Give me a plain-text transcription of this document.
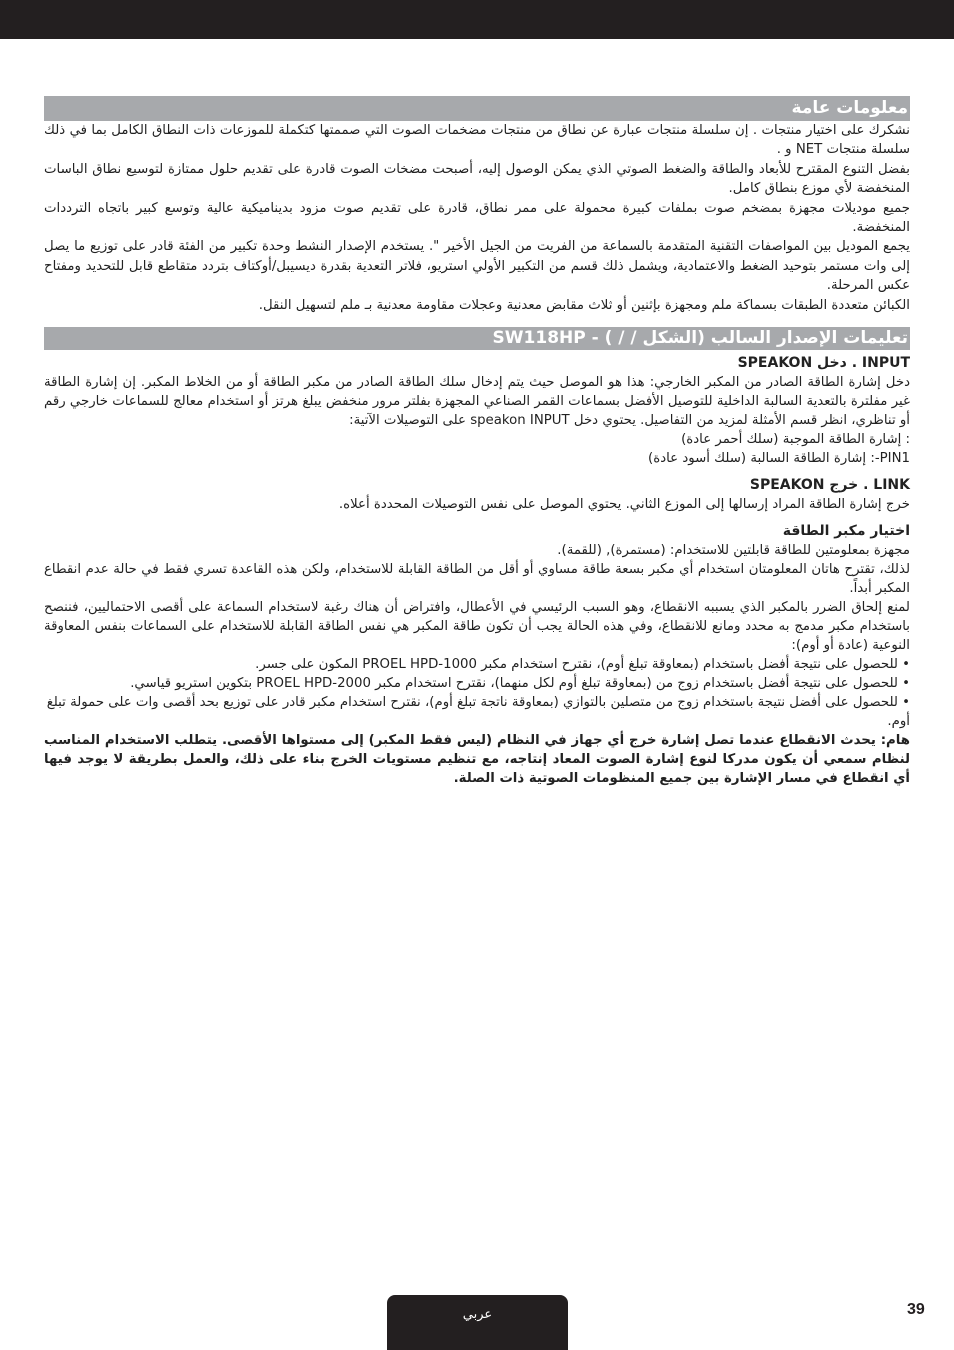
معلومات عامة

نشكرك على اختيار منتجات . إن سلسلة منتجات عبارة عن نطاق من منتجات مضخمات الصوت التي صممتها كتكملة للموزعات ذات النطاق الكامل بما في ذلك سلسلة منتجات NET و .

بفضل التنوع المقترح للأبعاد والطاقة والضغط الصوتي الذي يمكن الوصول إليه، أصبحت مضخات الصوت قادرة على تقديم حلول ممتازة لتوسيع نطاق الباسات المنخفضة لأي موزع بنطاق كامل.

جميع موديلات مجهزة بمضخم صوت بملفات كبيرة محمولة على ممر نطاق، قادرة على تقديم صوت مزود بديناميكية عالية وتوسع كبير باتجاه الترددات المنخفضة.

يجمع الموديل بين المواصفات التقنية المتقدمة بالسماعة من الفريت من الجيل الأخير ". يستخدم الإصدار النشط وحدة تكبير من الفئة قادر على توزيع ما يصل إلى وات مستمر بتوحيد الضغط والاعتمادية، ويشمل ذلك قسم من التكبير الأولي استريو، فلاتر التعدية بقدرة ديسيبل/أوكتاف بتردد متقاطع قابل للتحديد ومفتاح عكس المرحلة.

الكبائن متعددة الطبقات بسماكة ملم ومجهزة بإثنين أو ثلاث مقابض معدنية وعجلات مقاومة معدنية بـ ملم لتسهيل النقل.

تعليمات الإصدار السالب (الشكل / / ) - SW118HP

INPUT . دخل SPEAKON

دخل إشارة الطاقة الصادر من المكبر الخارجي: هذا هو الموصل حيث يتم إدخال سلك الطاقة الصادر من مكبر الطاقة أو من الخلاط المكبر. إن إشارة الطاقة غير مفلترة بالتعدية السالبة الداخلية للتوصيل الأفضل بسماعات القمر الصناعي المجهزة بفلتر مرور منخفض يبلغ هرتز أو استخدام معالج للسماعات خارجي رقم أو تناظري، انظر قسم الأمثلة لمزيد من التفاصيل. يحتوي دخل speakon INPUT على التوصيلات الآتية:

: إشارة الطاقة الموجبة (سلك أحمر عادة)

PIN1-: إشارة الطاقة السالبة (سلك أسود عادة)

LINK . خرج SPEAKON

خرج إشارة الطاقة المراد إرسالها إلى الموزع الثاني. يحتوي الموصل على نفس التوصيلات المحددة أعلاه.

اختيار مكبر الطاقة

مجهزة بمعلومتين للطاقة قابلتين للاستخدام: (مستمرة), (للقمة).

لذلك، تقترح هاتان المعلومتان استخدام أي مكبر بسعة طاقة مساوي أو أقل من الطاقة القابلة للاستخدام، ولكن هذه القاعدة تسري فقط في حالة عدم انقطاع المكبر أبداً.

لمنع إلحاق الضرر بالمكبر الذي يسببه الانقطاع، وهو السبب الرئيسي في الأعطال، وافتراض أن هناك رغبة لاستخدام السماعة على أقصى الاحتماليين، فننصح باستخدام مكبر مدمج به محدد ومانع للانقطاع، وفي هذه الحالة يجب أن تكون طاقة المكبر هي نفس الطاقة القابلة للاستخدام على السماعات بنفس المعاوقة النوعية (عادة أو أوم):

• للحصول على نتيجة أفضل باستخدام (بمعاوقة تبلغ أوم)، نقترح استخدام مكبر PROEL HPD-1000 المكون على جسر.

• للحصول على نتيجة أفضل باستخدام زوج من (بمعاوقة تبلغ أوم لكل منهما)، نقترح استخدام مكبر PROEL HPD-2000 بتكوين استريو قياسي.

• للحصول على أفضل نتيجة باستخدام زوج من متصلين بالتوازي (بمعاوقة ناتجة تبلغ أوم)، نقترح استخدام مكبر قادر على توزيع بحد أقصى وات على حمولة تبلغ أوم.

هام: يحدث الانقطاع عندما تصل إشارة خرج أي جهاز في النظام (ليس فقط المكبر) إلى مستواها الأقصى. يتطلب الاستخدام المناسب لنظام سمعي أن يكون مدركا لنوع إشارة الصوت المعاد إنتاجه، مع تنظيم مستويات الخرج بناء على ذلك، والعمل بطريقة لا يوجد فيها أي انقطاع في مسار الإشارة بين جميع المنظومات الصوتية ذات الصلة.

عربي	39
